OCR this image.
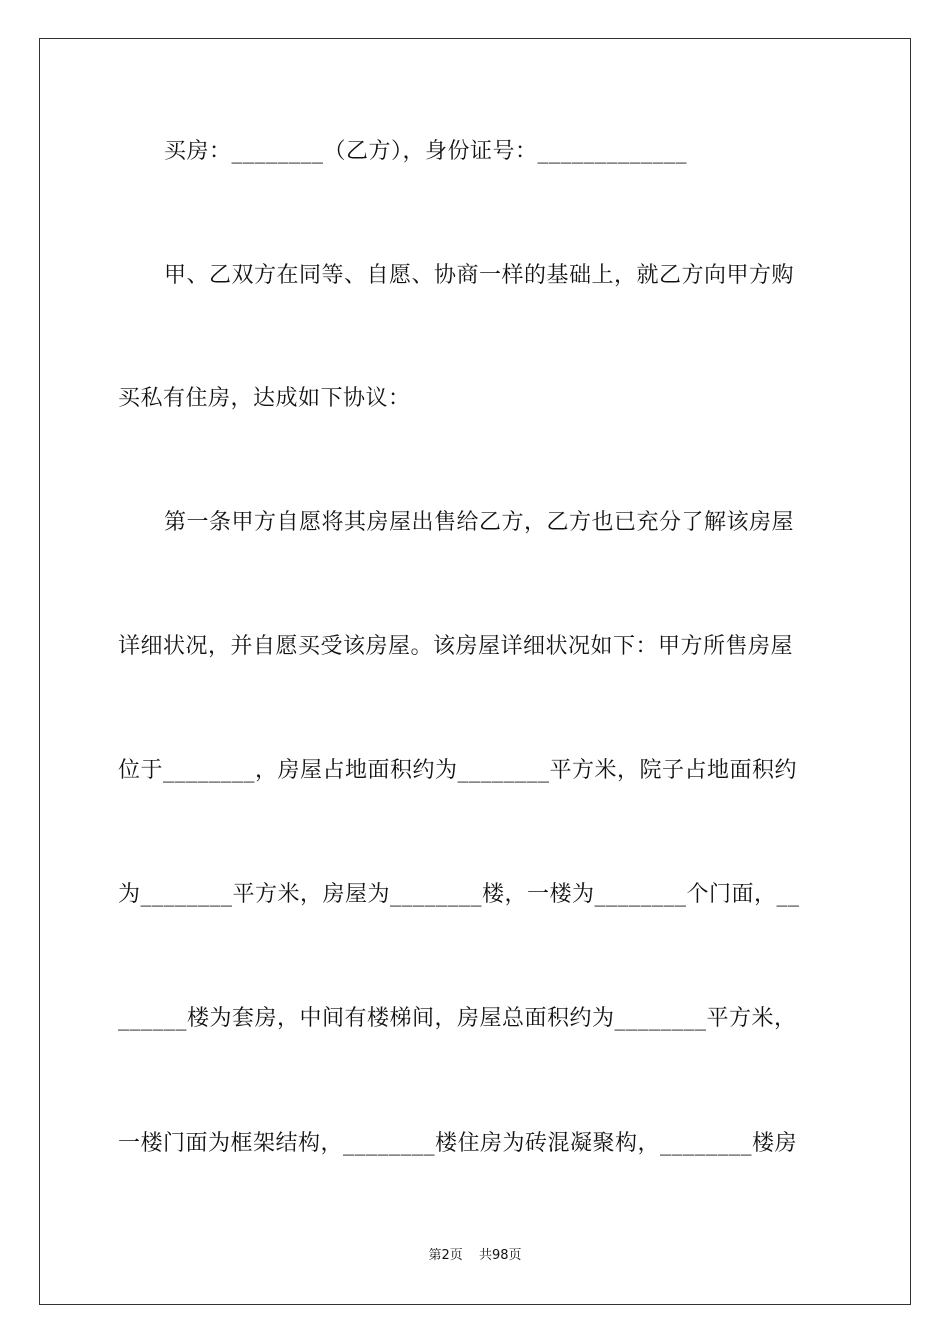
买房：________（乙方），身份证号：_____________
甲、乙双方在同等、自愿、协商一样的基础上，就乙方向甲方购
买私有住房，达成如下协议：
第一条甲方自愿将其房屋出售给乙方，乙方也已充分了解该房屋
详细状况，并自愿买受该房屋。该房屋详细状况如下：甲方所售房屋
位于________，房屋占地面积约为________平方米，院子占地面积约
为________平方米，房屋为________楼，一楼为________个门面，__
______楼为套房，中间有楼梯间，房屋总面积约为________平方米，
一楼门面为框架结构，________楼住房为砖混凝聚构，________楼房
第2页 共98页
